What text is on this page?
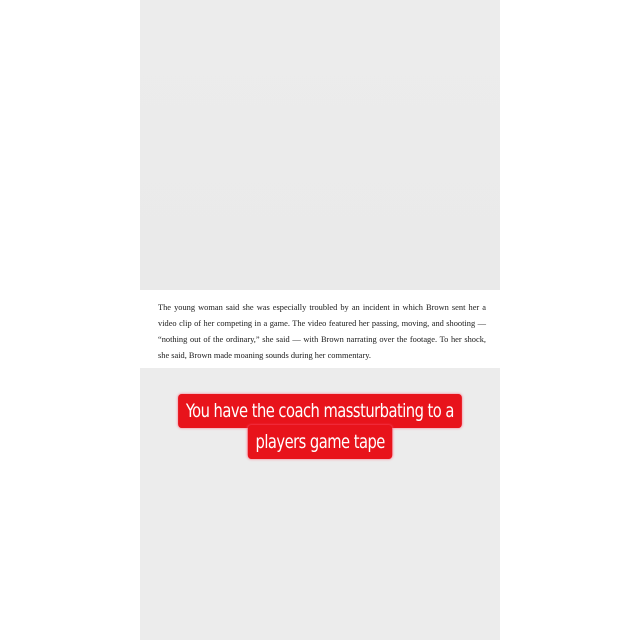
The young woman said she was especially troubled by an incident in which Brown sent her a video clip of her competing in a game. The video featured her passing, moving, and shooting — “nothing out of the ordinary,” she said — with Brown narrating over the footage. To her shock, she said, Brown made moaning sounds during her commentary.

You have the coach massturbating to a
players game tape
